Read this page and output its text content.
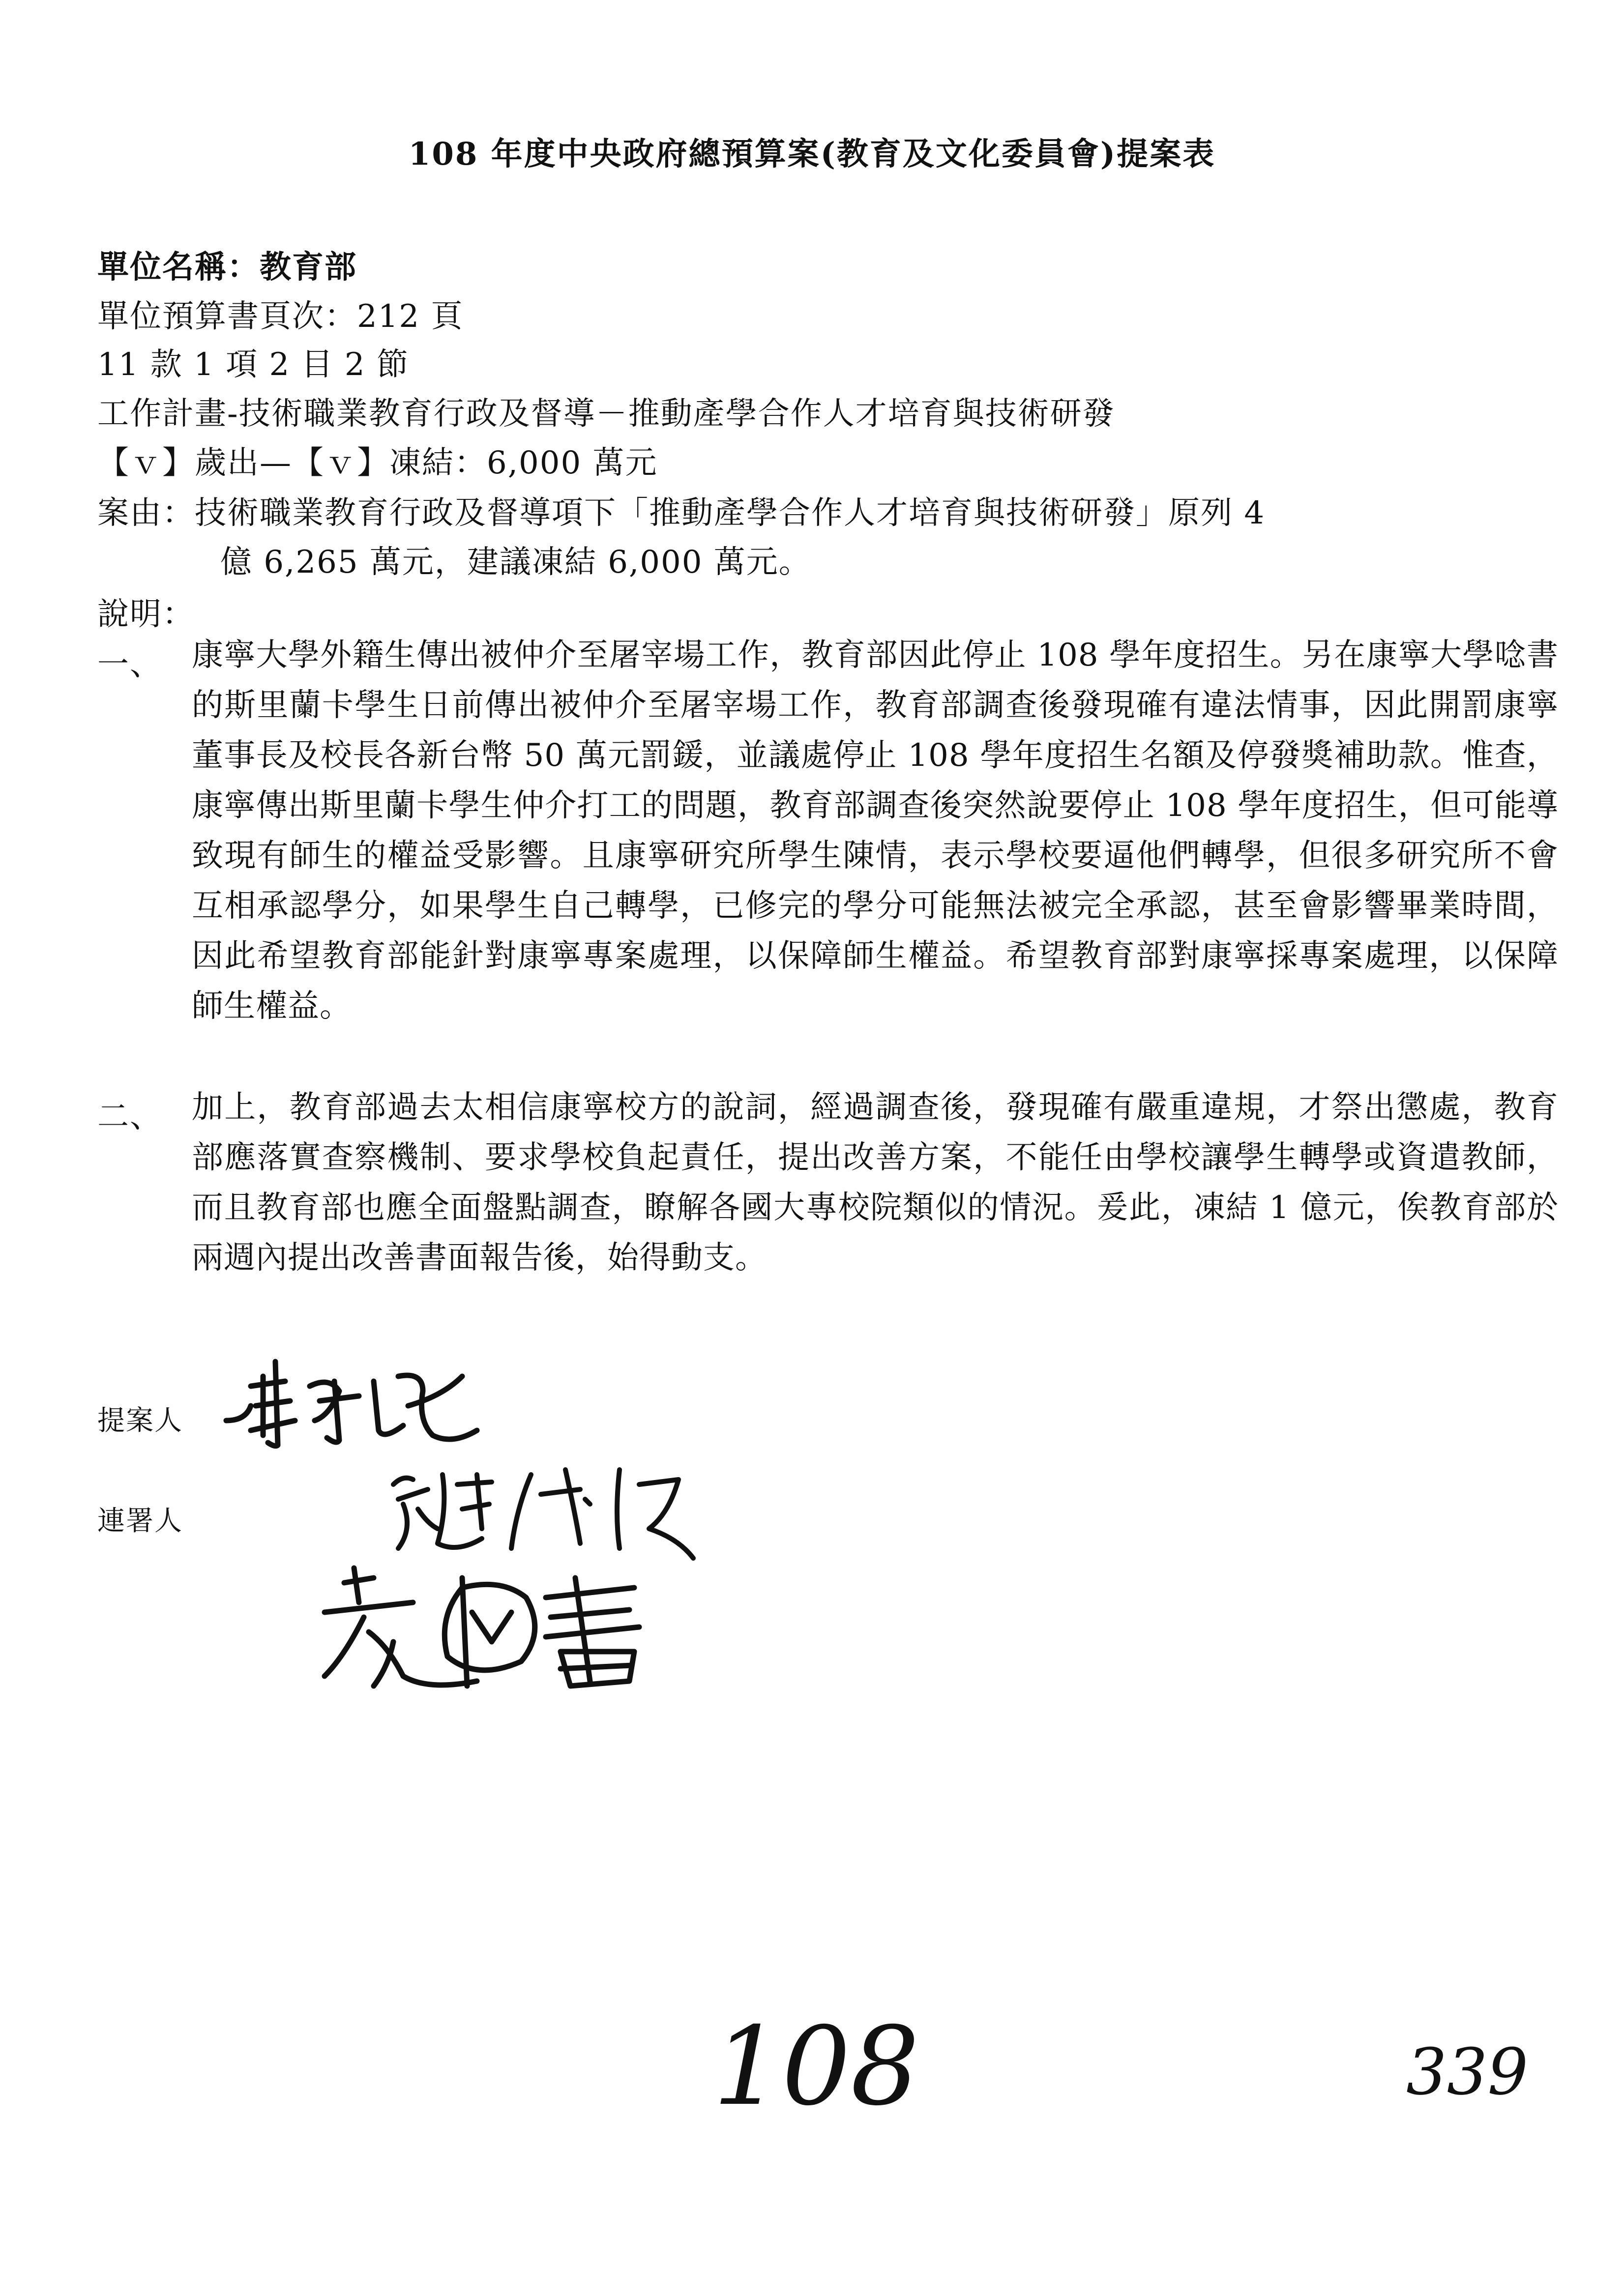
108 年度中央政府總預算案(教育及文化委員會)提案表
單位名稱：教育部
單位預算書頁次：212 頁
11 款 1 項 2 目 2 節
工作計畫-技術職業教育行政及督導－推動產學合作人才培育與技術研發
【ｖ】歲出—【ｖ】凍結：6,000 萬元
案由：技術職業教育行政及督導項下「推動產學合作人才培育與技術研發」原列 4
億 6,265 萬元，建議凍結 6,000 萬元。
說明：
一、 康寧大學外籍生傳出被仲介至屠宰場工作，教育部因此停止 108 學年度招生。另在康寧大學唸書的斯里蘭卡學生日前傳出被仲介至屠宰場工作，教育部調查後發現確有違法情事，因此開罰康寧董事長及校長各新台幣 50 萬元罰鍰，並議處停止 108 學年度招生名額及停發獎補助款。惟查，康寧傳出斯里蘭卡學生仲介打工的問題，教育部調查後突然說要停止 108 學年度招生，但可能導致現有師生的權益受影響。且康寧研究所學生陳情，表示學校要逼他們轉學，但很多研究所不會互相承認學分，如果學生自己轉學，已修完的學分可能無法被完全承認，甚至會影響畢業時間，因此希望教育部能針對康寧專案處理，以保障師生權益。希望教育部對康寧採專案處理，以保障師生權益。
二、 加上，教育部過去太相信康寧校方的說詞，經過調查後，發現確有嚴重違規，才祭出懲處，教育部應落實查察機制、要求學校負起責任，提出改善方案，不能任由學校讓學生轉學或資遣教師，而且教育部也應全面盤點調查，瞭解各國大專校院類似的情況。爰此，凍結 1 億元，俟教育部於兩週內提出改善書面報告後，始得動支。
提案人
連署人
108	339
